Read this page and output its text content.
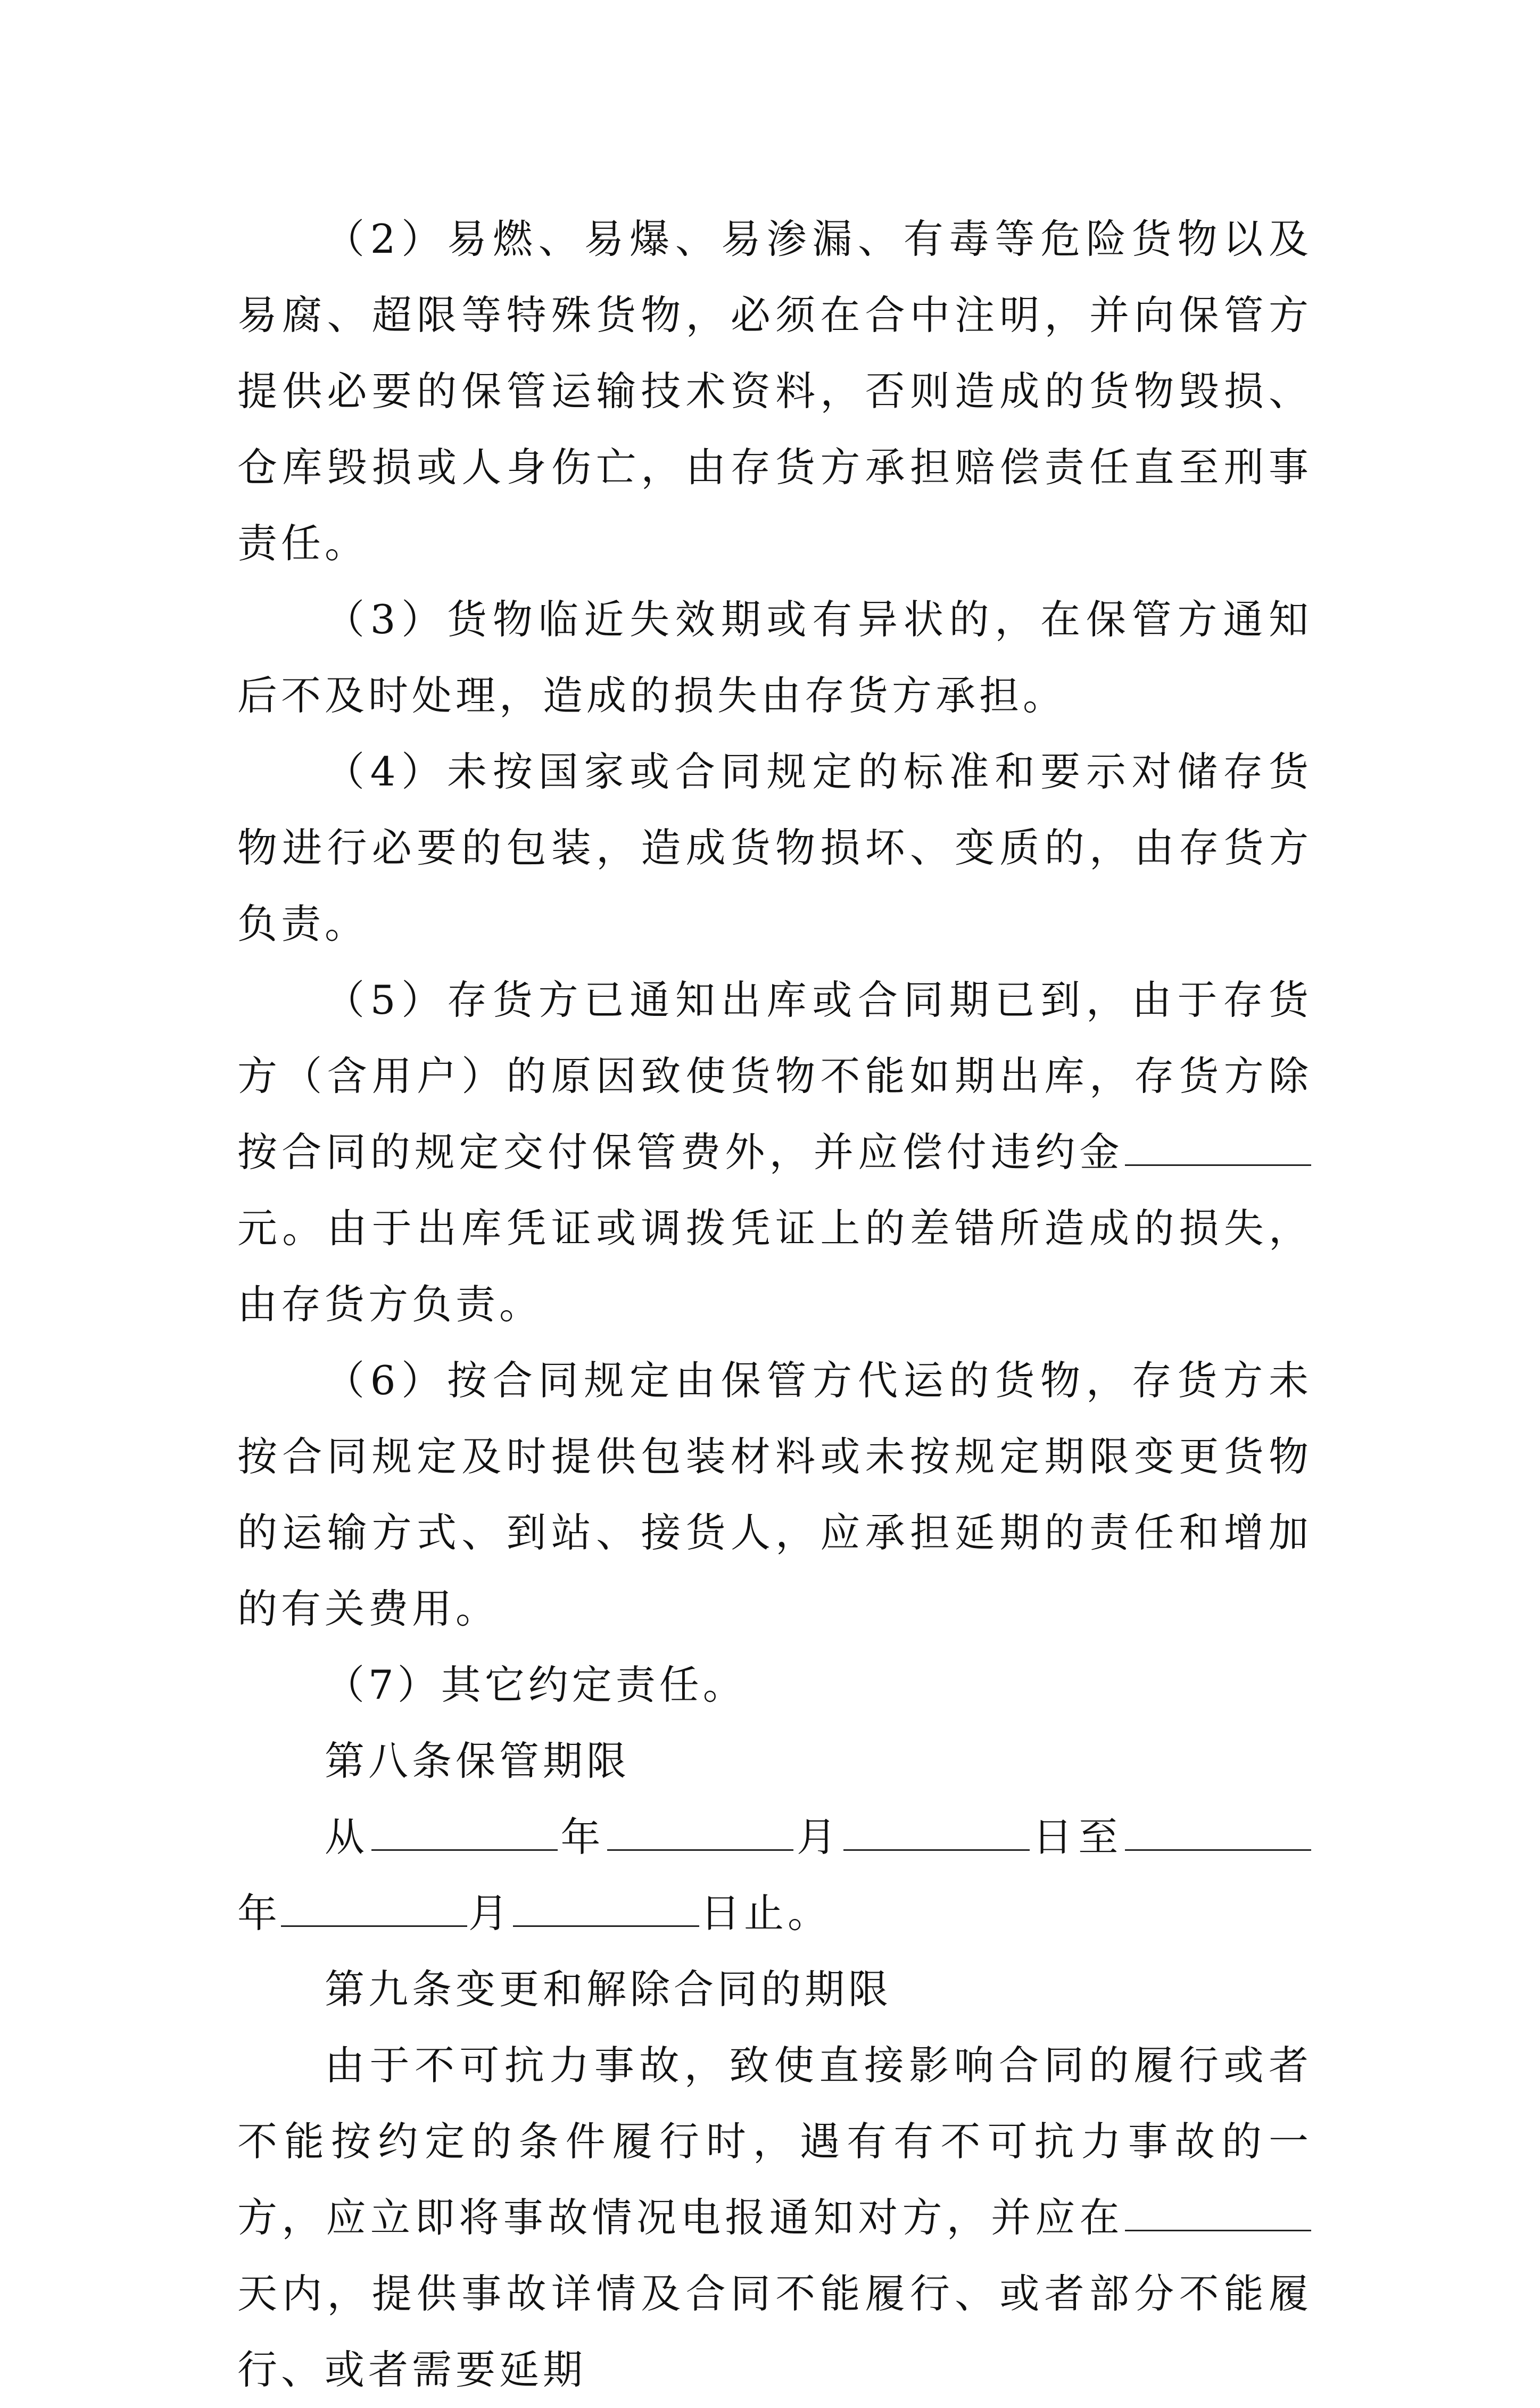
（2）易燃、易爆、易渗漏、有毒等危险货物以及易腐、超限等特殊货物，必须在合中注明，并向保管方提供必要的保管运输技术资料，否则造成的货物毁损、仓库毁损或人身伤亡，由存货方承担赔偿责任直至刑事责任。

（3）货物临近失效期或有异状的，在保管方通知后不及时处理，造成的损失由存货方承担。

（4）未按国家或合同规定的标准和要示对储存货物进行必要的包装，造成货物损坏、变质的，由存货方负责。

（5）存货方已通知出库或合同期已到，由于存货方（含用户）的原因致使货物不能如期出库，存货方除按合同的规定交付保管费外，并应偿付违约金元。由于出库凭证或调拨凭证上的差错所造成的损失，由存货方负责。

（6）按合同规定由保管方代运的货物，存货方未按合同规定及时提供包装材料或未按规定期限变更货物的运输方式、到站、接货人，应承担延期的责任和增加的有关费用。

（7）其它约定责任。

第八条保管期限

从	年	月	日至年	月	日止。

第九条变更和解除合同的期限

由于不可抗力事故，致使直接影响合同的履行或者不能按约定的条件履行时，遇有有不可抗力事故的一方，应立即将事故情况电报通知对方，并应在天内，提供事故详情及合同不能履行、或者部分不能履行、或者需要延期
